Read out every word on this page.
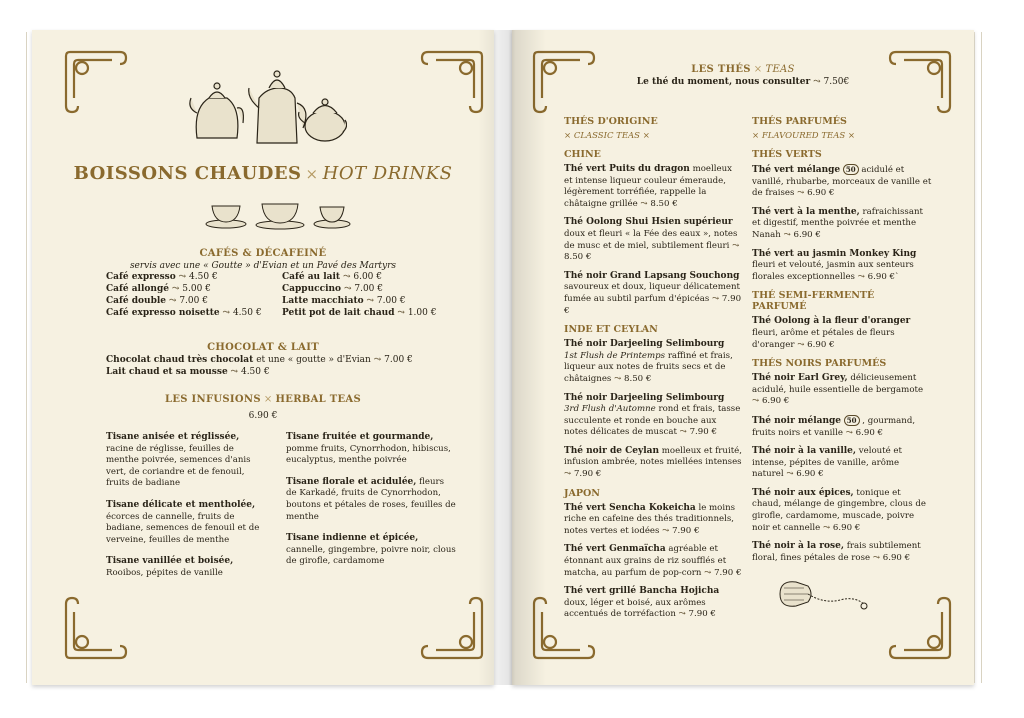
BOISSONS CHAUDES × HOT DRINKS
CAFÉS & DÉCAFEINÉ
servis avec une « Goutte » d'Evian et un Pavé des Martyrs
Café expresso ⤳ 4.50 €
Café allongé ⤳ 5.00 €
Café double ⤳ 7.00 €
Café expresso noisette ⤳ 4.50 €
Café au lait ⤳ 6.00 €
Cappuccino ⤳ 7.00 €
Latte macchiato ⤳ 7.00 €
Petit pot de lait chaud ⤳ 1.00 €
CHOCOLAT & LAIT
Chocolat chaud très chocolat et une « goutte » d'Evian ⤳ 7.00 €
Lait chaud et sa mousse ⤳ 4.50 €
LES INFUSIONS × HERBAL TEAS
6.90 €
Tisane anisée et réglissée, racine de réglisse, feuilles de menthe poivrée, semences d'anis vert, de coriandre et de fenouil, fruits de badiane
Tisane délicate et mentholée, écorces de cannelle, fruits de badiane, semences de fenouil et de verveine, feuilles de menthe
Tisane vanillée et boisée, Rooibos, pépites de vanille
Tisane fruitée et gourmande, pomme fruits, Cynorrhodon, hibiscus, eucalyptus, menthe poivrée
Tisane florale et acidulée, fleurs de Karkadé, fruits de Cynorrhodon, boutons et pétales de roses, feuilles de menthe
Tisane indienne et épicée, cannelle, gingembre, poivre noir, clous de girofle, cardamome
LES THÉS × TEAS
Le thé du moment, nous consulter ⤳ 7.50€
THÉS D'ORIGINE
× CLASSIC TEAS ×
CHINE
Thé vert Puits du dragon moelleux et intense liqueur couleur émeraude, légèrement torréfiée, rappelle la châtaigne grillée ⤳ 8.50 €
Thé Oolong Shui Hsien supérieur doux et fleuri « la Fée des eaux », notes de musc et de miel, subtilement fleuri ⤳ 8.50 €
Thé noir Grand Lapsang Souchong savoureux et doux, liqueur délicatement fumée au subtil parfum d'épicéas ⤳ 7.90 €
INDE ET CEYLAN
Thé noir Darjeeling Selimbourg
1st Flush de Printemps raffiné et frais, liqueur aux notes de fruits secs et de châtaignes ⤳ 8.50 €
Thé noir Darjeeling Selimbourg
3rd Flush d'Automne rond et frais, tasse succulente et ronde en bouche aux notes délicates de muscat ⤳ 7.90 €
Thé noir de Ceylan moelleux et fruité, infusion ambrée, notes miellées intenses ⤳ 7.90 €
JAPON
Thé vert Sencha Kokeicha le moins riche en cafeine des thés traditionnels, notes vertes et iodées ⤳ 7.90 €
Thé vert Genmaïcha agréable et étonnant aux grains de riz soufflés et matcha, au parfum de pop-corn ⤳ 7.90 €
Thé vert grillé Bancha Hojicha doux, léger et boisé, aux arômes accentués de torréfaction ⤳ 7.90 €
THÉS PARFUMÉS
× FLAVOURED TEAS ×
THÉS VERTS
Thé vert mélange 50 acidulé et vanillé, rhubarbe, morceaux de vanille et de fraises ⤳ 6.90 €
Thé vert à la menthe, rafraichissant et digestif, menthe poivrée et menthe Nanah ⤳ 6.90 €
Thé vert au jasmin Monkey King fleuri et velouté, jasmin aux senteurs florales exceptionnelles ⤳ 6.90 €`
THÉ SEMI-FERMENTÉ PARFUMÉ
Thé Oolong à la fleur d'oranger fleuri, arôme et pétales de fleurs d'oranger ⤳ 6.90 €
THÉS NOIRS PARFUMÉS
Thé noir Earl Grey, délicieusement acidulé, huile essentielle de bergamote ⤳ 6.90 €
Thé noir mélange 50 , gourmand, fruits noirs et vanille ⤳ 6.90 €
Thé noir à la vanille, velouté et intense, pépites de vanille, arôme naturel ⤳ 6.90 €
Thé noir aux épices, tonique et chaud, mélange de gingembre, clous de girofle, cardamome, muscade, poivre noir et cannelle ⤳ 6.90 €
Thé noir à la rose, frais subtilement floral, fines pétales de rose ⤳ 6.90 €
